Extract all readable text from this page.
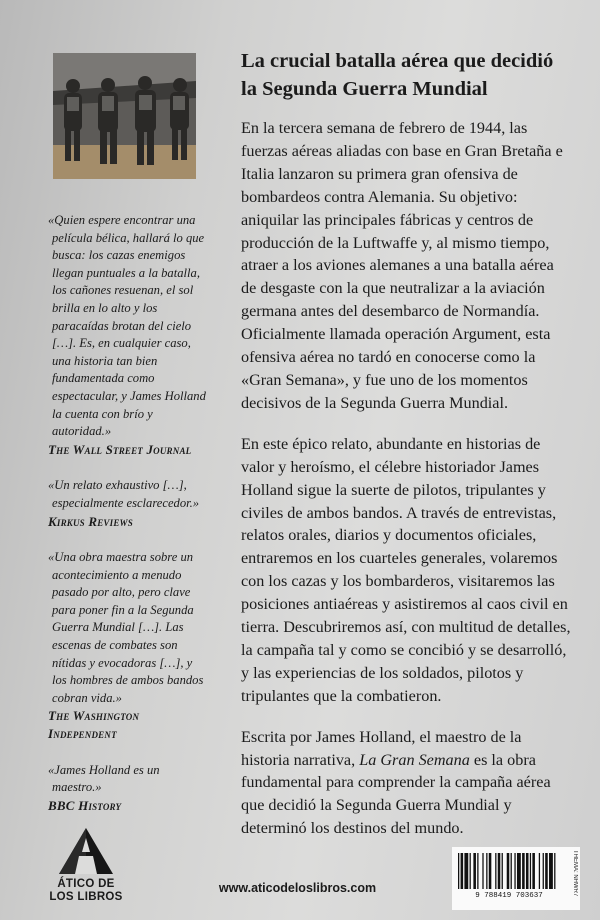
«Quien espere encontrar una película bélica, hallará lo que busca: los cazas enemigos llegan puntuales a la batalla, los cañones resuenan, el sol brilla en lo alto y los paracaídas brotan del cielo […]. Es, en cualquier caso, una historia tan bien fundamentada como espectacular, y James Holland la cuenta con brío y autoridad.»
The Wall Street Journal
«Un relato exhaustivo […], especialmente esclarecedor.»
Kirkus Reviews
«Una obra maestra sobre un acontecimiento a menudo pasado por alto, pero clave para poner fin a la Segunda Guerra Mundial […]. Las escenas de combates son nítidas y evocadoras […], y los hombres de ambos bandos cobran vida.»
The Washington Independent
«James Holland es un maestro.»
BBC History
La crucial batalla aérea que decidió la Segunda Guerra Mundial

En la tercera semana de febrero de 1944, las fuerzas aéreas aliadas con base en Gran Bretaña e Italia lanzaron su primera gran ofensiva de bombardeos contra Alemania. Su objetivo: aniquilar las principales fábricas y centros de producción de la Luftwaffe y, al mismo tiempo, atraer a los aviones alemanes a una batalla aérea de desgaste con la que neutralizar a la aviación germana antes del desembarco de Normandía. Oficialmente llamada operación Argument, esta ofensiva aérea no tardó en conocerse como la «Gran Semana», y fue uno de los momentos decisivos de la Segunda Guerra Mundial.

En este épico relato, abundante en historias de valor y heroísmo, el célebre historiador James Holland sigue la suerte de pilotos, tripulantes y civiles de ambos bandos. A través de entrevistas, relatos orales, diarios y documentos oficiales, entraremos en los cuarteles generales, volaremos con los cazas y los bombarderos, visitaremos las posiciones antiaéreas y asistiremos al caos civil en tierra. Descubriremos así, con multitud de detalles, la campaña tal y como se concibió y se desarrolló, y las experiencias de los soldados, pilotos y tripulantes que la combatieron.

Escrita por James Holland, el maestro de la historia narrativa, La Gran Semana es la obra fundamental para comprender la campaña aérea que decidió la Segunda Guerra Mundial y determinó los destinos del mundo.

ÁTICO DE
LOS LIBROS
www.aticodeloslibros.com
9 788419 703637	THEMA: NHWR7
